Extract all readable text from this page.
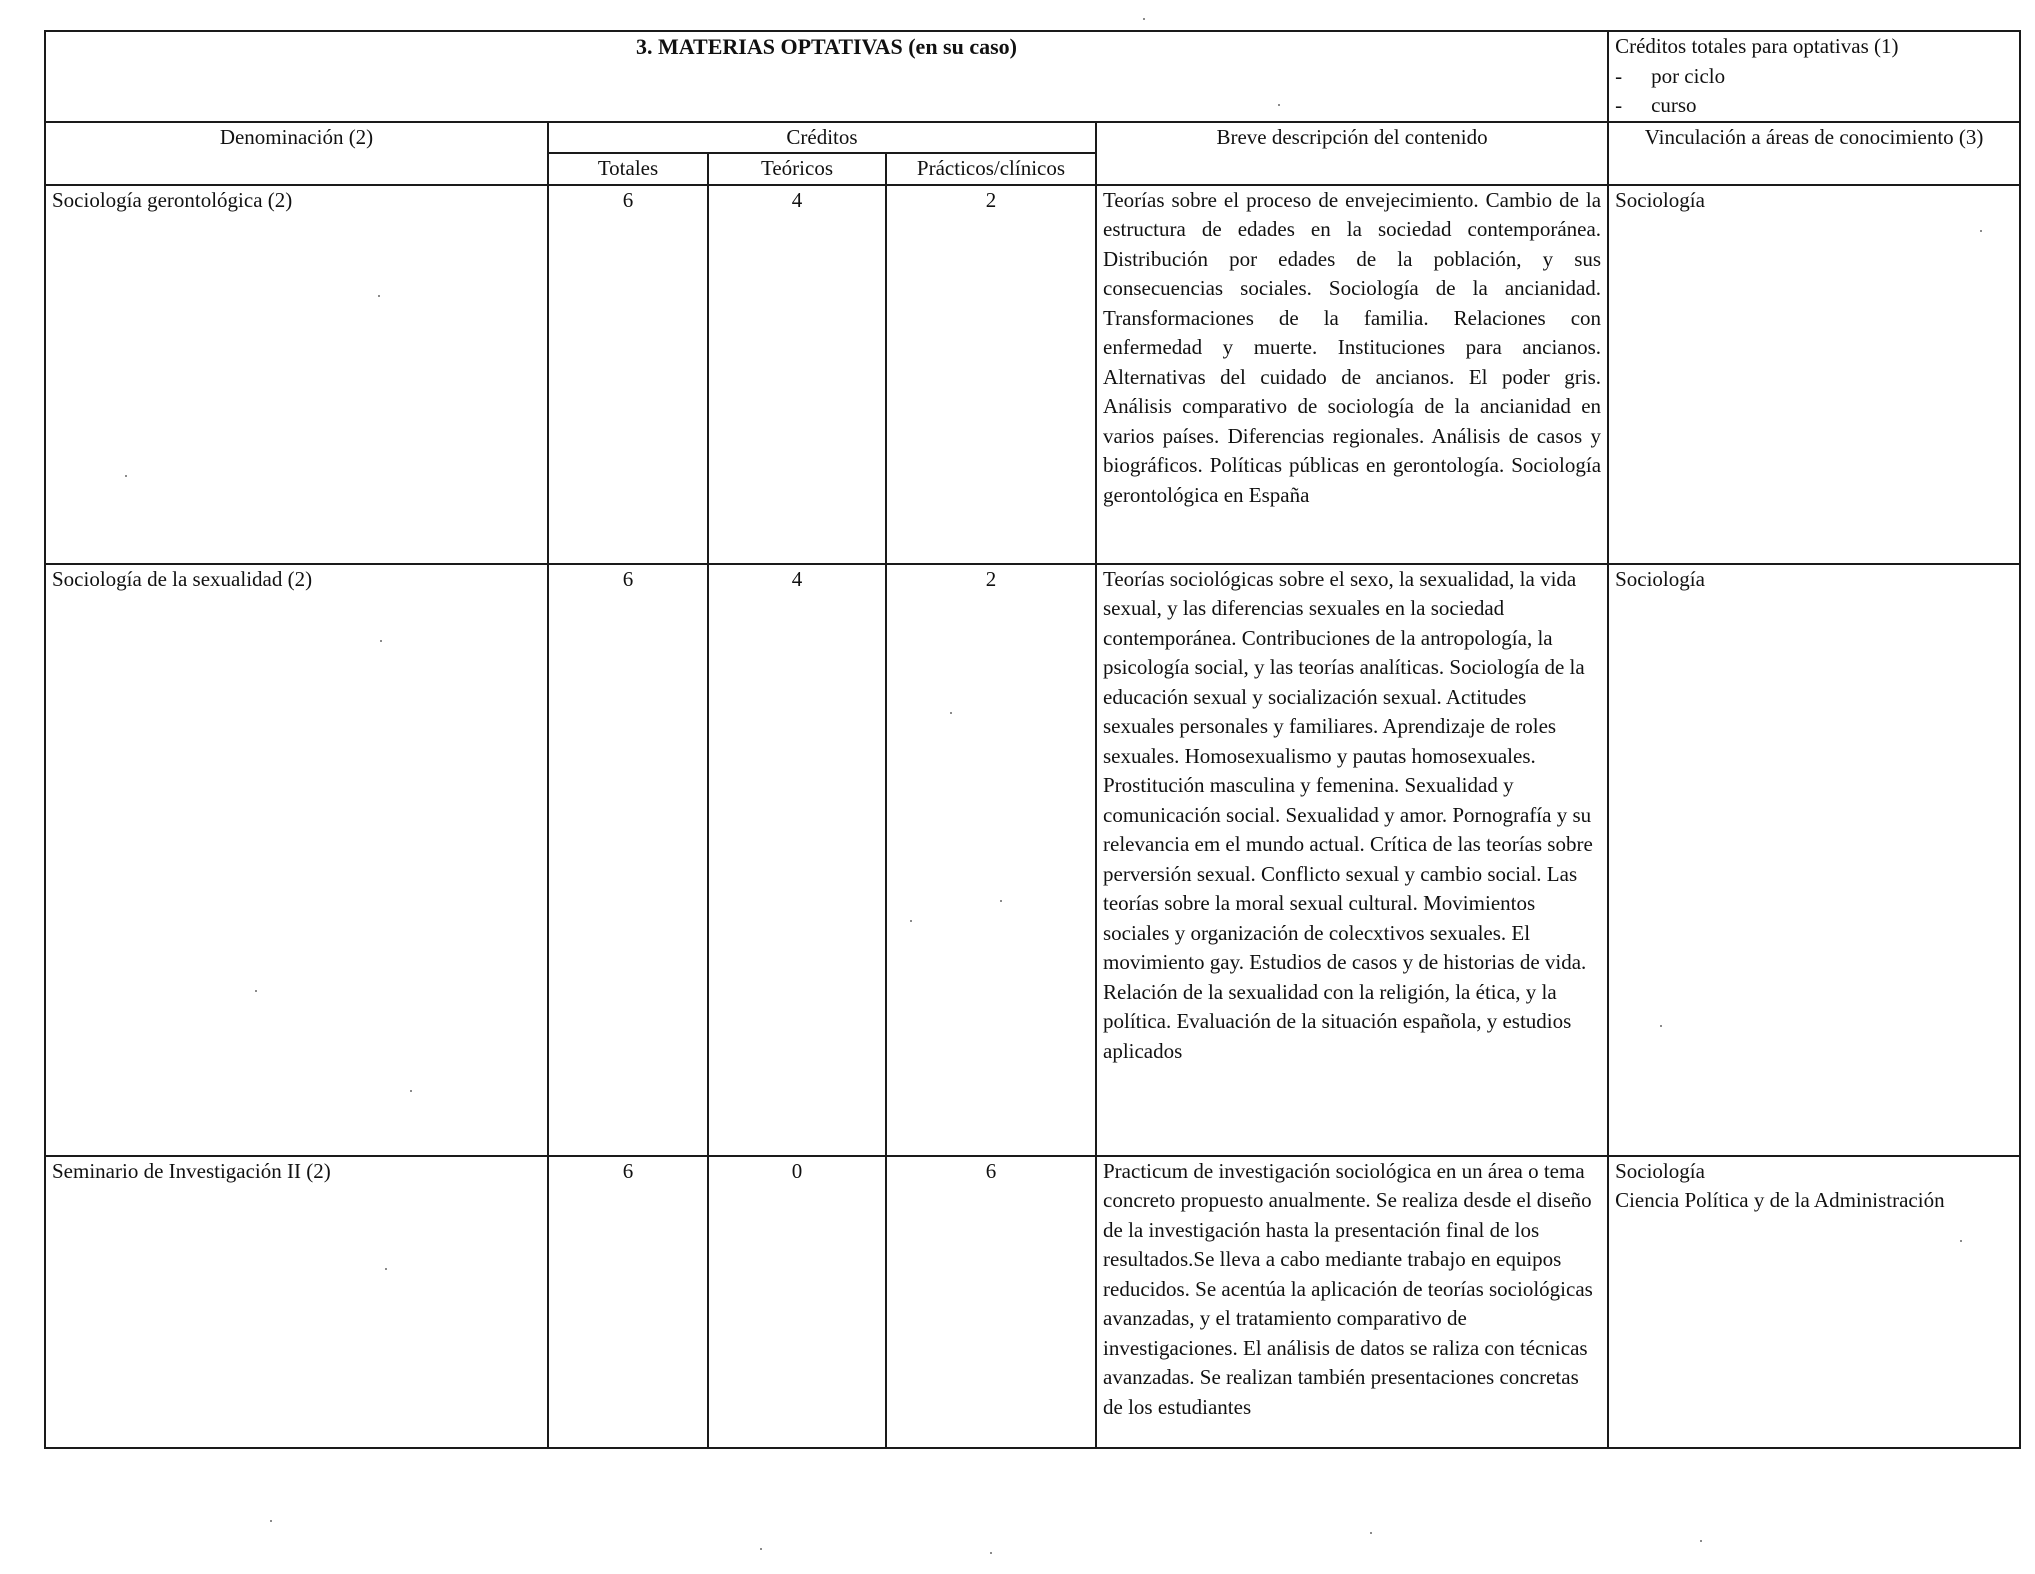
3. MATERIAS OPTATIVAS (en su caso)					Créditos totales para optativas (1)
- por ciclo
- curso

Denominación (2)	Créditos			Breve descripción del contenido	Vinculación a áreas de conocimiento (3)
	Totales	Teóricos	Prácticos/clínicos		
Sociología gerontológica (2)	6	4	2	Teorías sobre el proceso de envejecimiento. Cambio de la estructura de edades en la sociedad contemporánea. Distribución por edades de la población, y sus consecuencias sociales. Sociología de la ancianidad. Transformaciones de la familia. Relaciones con enfermedad y muerte. Instituciones para ancianos. Alternativas del cuidado de ancianos. El poder gris. Análisis comparativo de sociología de la ancianidad en varios países. Diferencias regionales. Análisis de casos y biográficos. Políticas públicas en gerontología. Sociología gerontológica en España	Sociología

Sociología de la sexualidad (2)	6	4	2	Teorías sociológicas sobre el sexo, la sexualidad, la vida sexual, y las diferencias sexuales en la sociedad contemporánea. Contribuciones de la antropología, la psicología social, y las teorías analíticas. Sociología de la educación sexual y socialización sexual. Actitudes sexuales personales y familiares. Aprendizaje de roles sexuales. Homosexualismo y pautas homosexuales. Prostitución masculina y femenina. Sexualidad y comunicación social. Sexualidad y amor. Pornografía y su relevancia em el mundo actual. Crítica de las teorías sobre perversión sexual. Conflicto sexual y cambio social. Las teorías sobre la moral sexual cultural. Movimientos sociales y organización de colecxtivos sexuales. El movimiento gay. Estudios de casos y de historias de vida. Relación de la sexualidad con la religión, la ética, y la política. Evaluación de la situación española, y estudios aplicados	Sociología

Seminario de Investigación II (2)	6	0	6	Practicum de investigación sociológica en un área o tema concreto propuesto anualmente. Se realiza desde el diseño de la investigación hasta la presentación final de los resultados.Se lleva a cabo mediante trabajo en equipos reducidos. Se acentúa la aplicación de teorías sociológicas avanzadas, y el tratamiento comparativo de investigaciones. El análisis de datos se raliza con técnicas avanzadas. Se realizan también presentaciones concretas de los estudiantes	Sociología
Ciencia Política y de la Administración
